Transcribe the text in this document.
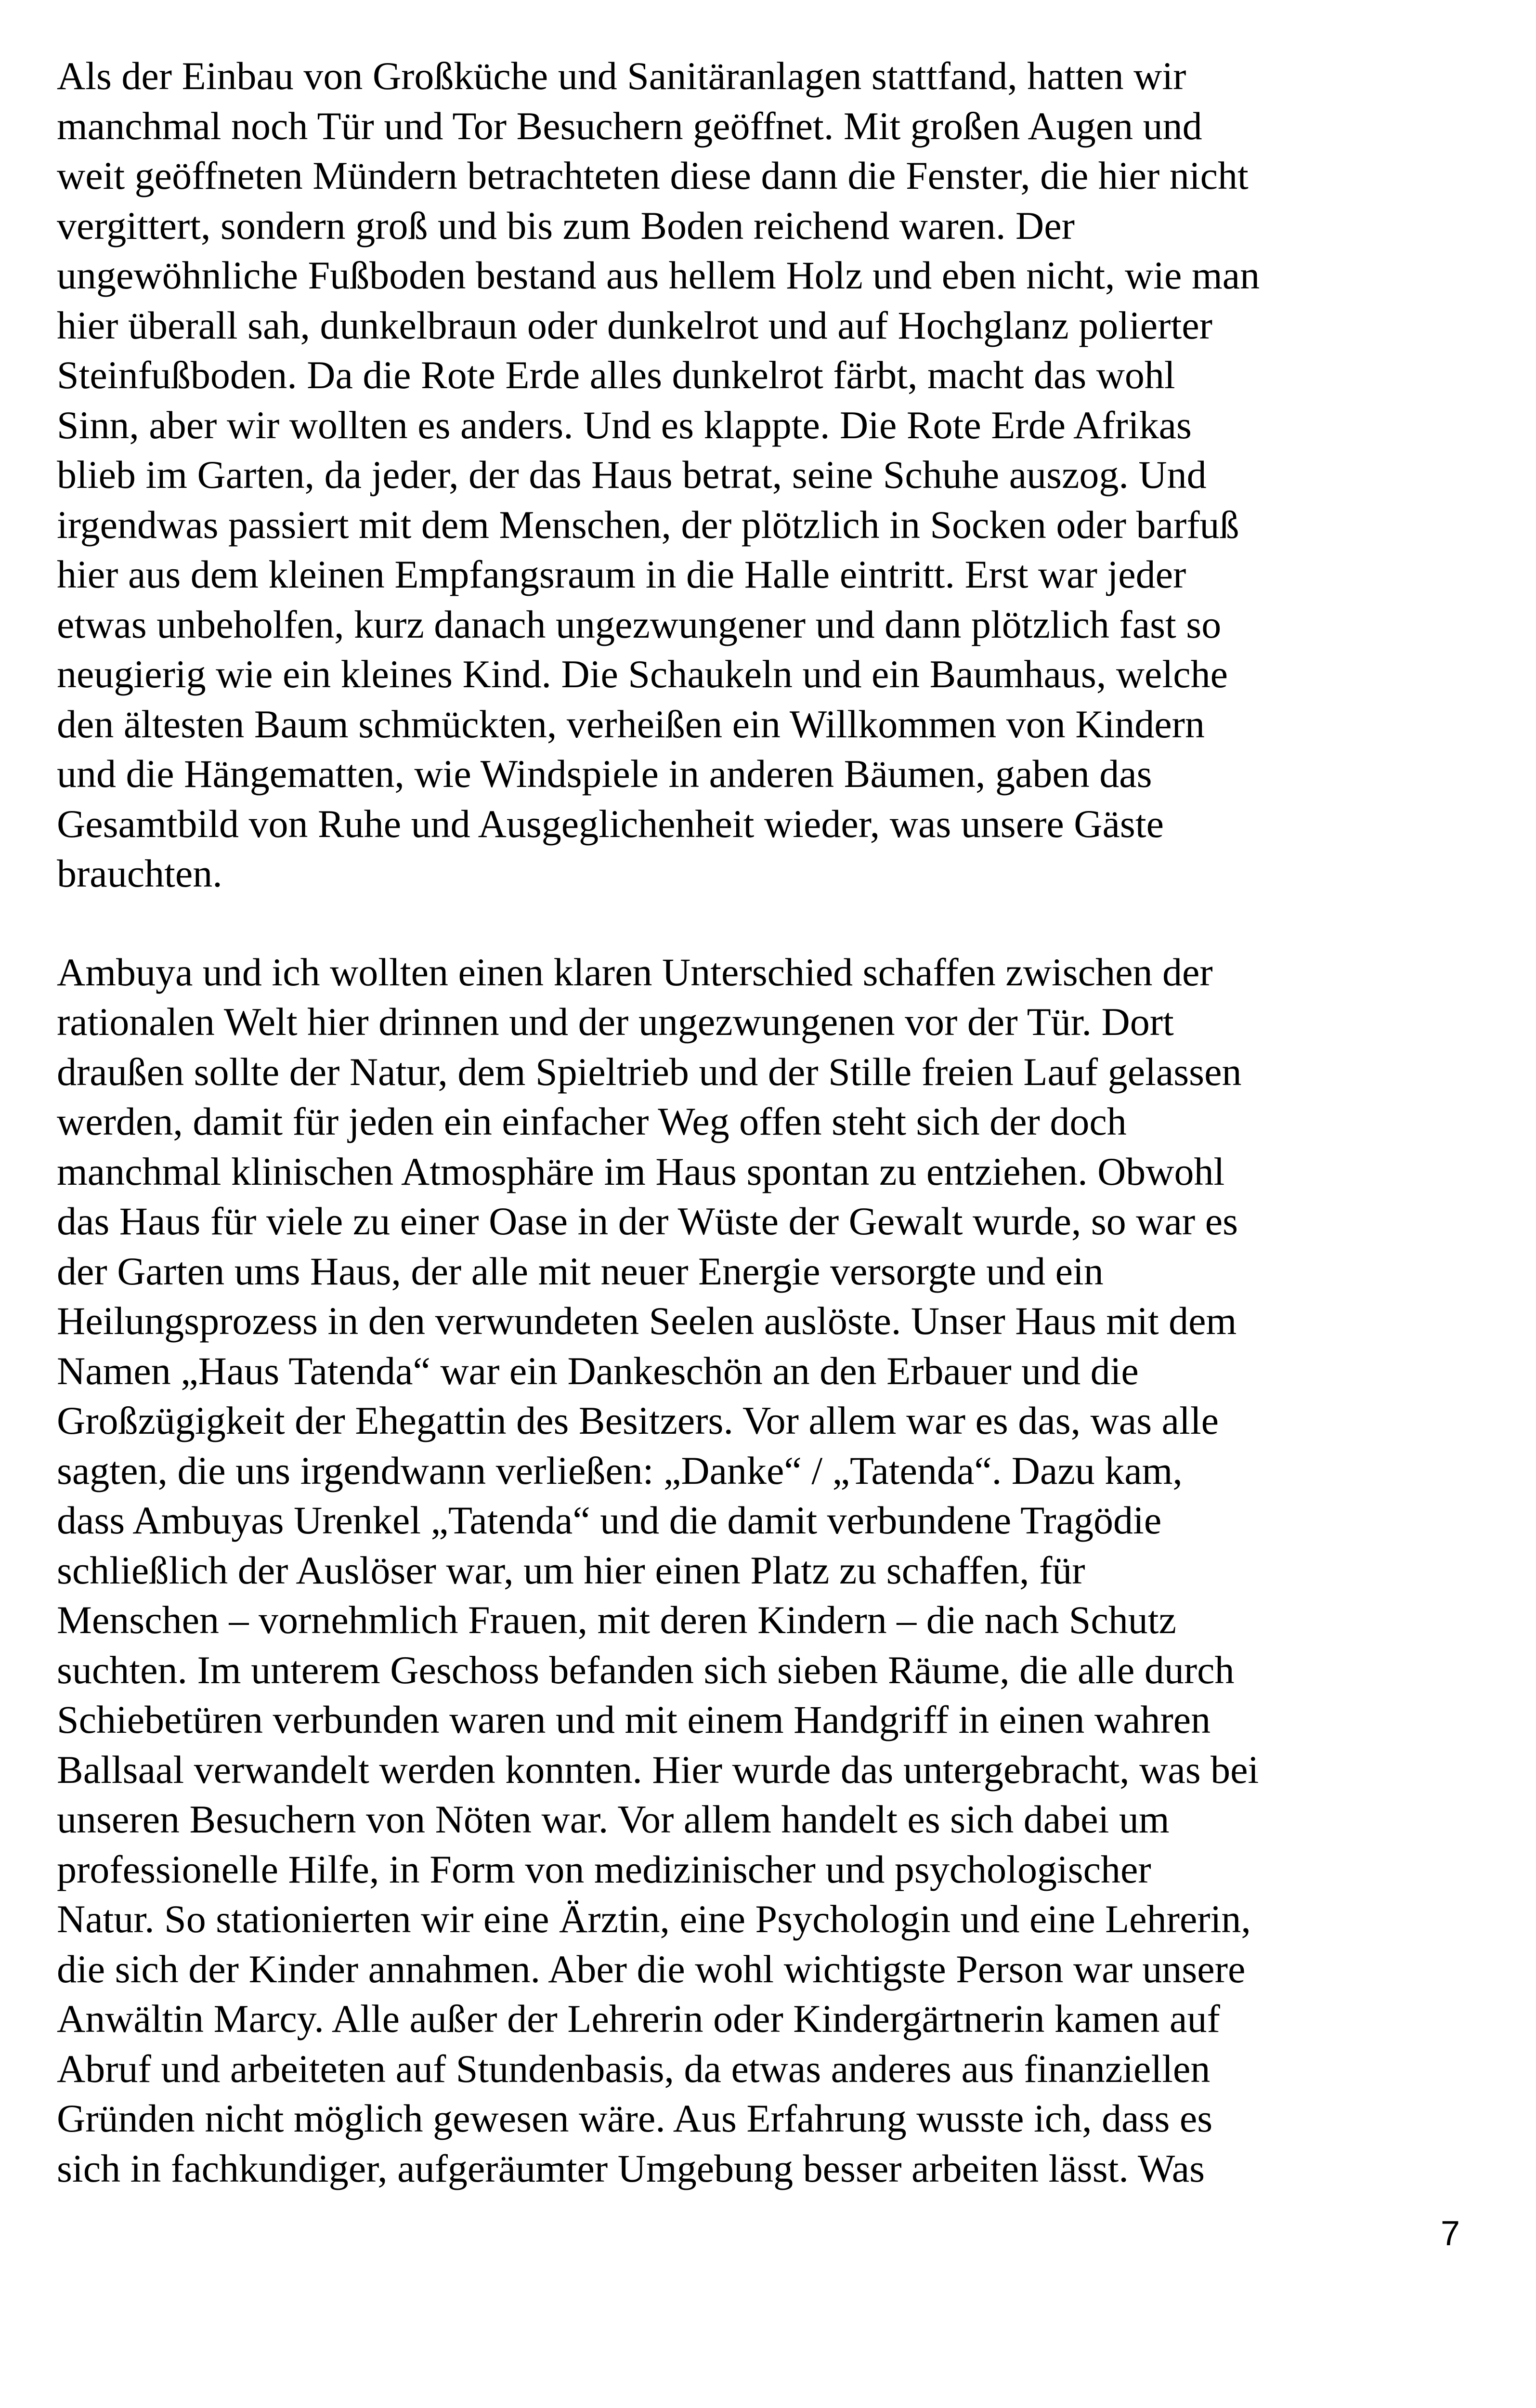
Als der Einbau von Großküche und Sanitäranlagen stattfand, hatten wir
manchmal noch Tür und Tor Besuchern geöffnet. Mit großen Augen und
weit geöffneten Mündern betrachteten diese dann die Fenster, die hier nicht
vergittert, sondern groß und bis zum Boden reichend waren. Der
ungewöhnliche Fußboden bestand aus hellem Holz und eben nicht, wie man
hier überall sah, dunkelbraun oder dunkelrot und auf Hochglanz polierter
Steinfußboden. Da die Rote Erde alles dunkelrot färbt, macht das wohl
Sinn, aber wir wollten es anders. Und es klappte. Die Rote Erde Afrikas
blieb im Garten, da jeder, der das Haus betrat, seine Schuhe auszog. Und
irgendwas passiert mit dem Menschen, der plötzlich in Socken oder barfuß
hier aus dem kleinen Empfangsraum in die Halle eintritt. Erst war jeder
etwas unbeholfen, kurz danach ungezwungener und dann plötzlich fast so
neugierig wie ein kleines Kind. Die Schaukeln und ein Baumhaus, welche
den ältesten Baum schmückten, verheißen ein Willkommen von Kindern
und die Hängematten, wie Windspiele in anderen Bäumen, gaben das
Gesamtbild von Ruhe und Ausgeglichenheit wieder, was unsere Gäste
brauchten.
Ambuya und ich wollten einen klaren Unterschied schaffen zwischen der
rationalen Welt hier drinnen und der ungezwungenen vor der Tür. Dort
draußen sollte der Natur, dem Spieltrieb und der Stille freien Lauf gelassen
werden, damit für jeden ein einfacher Weg offen steht sich der doch
manchmal klinischen Atmosphäre im Haus spontan zu entziehen. Obwohl
das Haus für viele zu einer Oase in der Wüste der Gewalt wurde, so war es
der Garten ums Haus, der alle mit neuer Energie versorgte und ein
Heilungsprozess in den verwundeten Seelen auslöste. Unser Haus mit dem
Namen „Haus Tatenda“ war ein Dankeschön an den Erbauer und die
Großzügigkeit der Ehegattin des Besitzers. Vor allem war es das, was alle
sagten, die uns irgendwann verließen: „Danke“ / „Tatenda“. Dazu kam,
dass Ambuyas Urenkel „Tatenda“ und die damit verbundene Tragödie
schließlich der Auslöser war, um hier einen Platz zu schaffen, für
Menschen – vornehmlich Frauen, mit deren Kindern – die nach Schutz
suchten. Im unterem Geschoss befanden sich sieben Räume, die alle durch
Schiebetüren verbunden waren und mit einem Handgriff in einen wahren
Ballsaal verwandelt werden konnten. Hier wurde das untergebracht, was bei
unseren Besuchern von Nöten war. Vor allem handelt es sich dabei um
professionelle Hilfe, in Form von medizinischer und psychologischer
Natur. So stationierten wir eine Ärztin, eine Psychologin und eine Lehrerin,
die sich der Kinder annahmen. Aber die wohl wichtigste Person war unsere
Anwältin Marcy. Alle außer der Lehrerin oder Kindergärtnerin kamen auf
Abruf und arbeiteten auf Stundenbasis, da etwas anderes aus finanziellen
Gründen nicht möglich gewesen wäre. Aus Erfahrung wusste ich, dass es
sich in fachkundiger, aufgeräumter Umgebung besser arbeiten lässt. Was
7
